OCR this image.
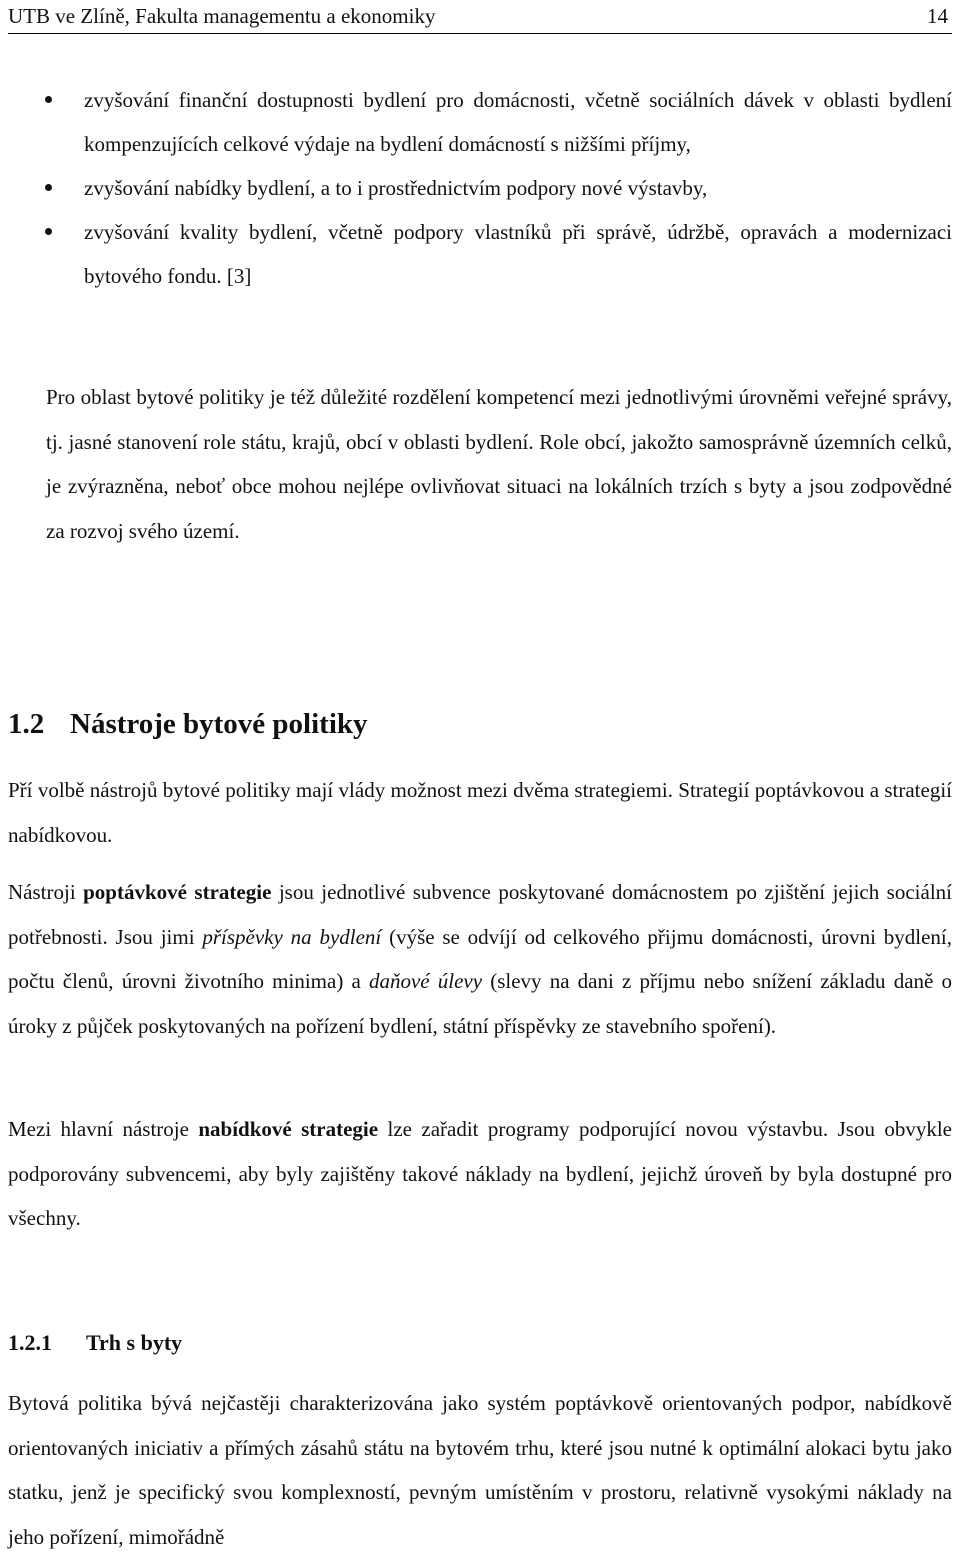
UTB ve Zlíně, Fakulta managementu a ekonomiky	14
zvyšování finanční dostupnosti bydlení pro domácnosti, včetně sociálních dávek v oblasti bydlení kompenzujících celkové výdaje na bydlení domácností s nižšími příjmy,
zvyšování nabídky bydlení, a to i prostřednictvím podpory nové výstavby,
zvyšování kvality bydlení, včetně podpory vlastníků při správě, údržbě, opravách a modernizaci bytového fondu. [3]
Pro oblast bytové politiky je též důležité rozdělení kompetencí mezi jednotlivými úrovněmi veřejné správy, tj. jasné stanovení role státu, krajů, obcí v oblasti bydlení. Role obcí, jakožto samosprávně územních celků, je zvýrazněna, neboť obce mohou nejlépe ovlivňovat situaci na lokálních trzích s byty a jsou zodpovědné za rozvoj svého území.
1.2 Nástroje bytové politiky
Pří volbě nástrojů bytové politiky mají vlády možnost mezi dvěma strategiemi. Strategií poptávkovou a strategií nabídkovou.
Nástroji poptávkové strategie jsou jednotlivé subvence poskytované domácnostem po zjištění jejich sociální potřebnosti. Jsou jimi příspěvky na bydlení (výše se odvíjí od celkového přijmu domácnosti, úrovni bydlení, počtu členů, úrovni životního minima) a daňové úlevy (slevy na dani z příjmu nebo snížení základu daně o úroky z půjček poskytovaných na pořízení bydlení, státní příspěvky ze stavebního spoření).
Mezi hlavní nástroje nabídkové strategie lze zařadit programy podporující novou výstavbu. Jsou obvykle podporovány subvencemi, aby byly zajištěny takové náklady na bydlení, jejichž úroveň by byla dostupné pro všechny.
1.2.1 Trh s byty
Bytová politika bývá nejčastěji charakterizována jako systém poptávkově orientovaných podpor, nabídkově orientovaných iniciativ a přímých zásahů státu na bytovém trhu, které jsou nutné k optimální alokaci bytu jako statku, jenž je specifický svou komplexností, pevným umístěním v prostoru, relativně vysokými náklady na jeho pořízení, mimořádně
